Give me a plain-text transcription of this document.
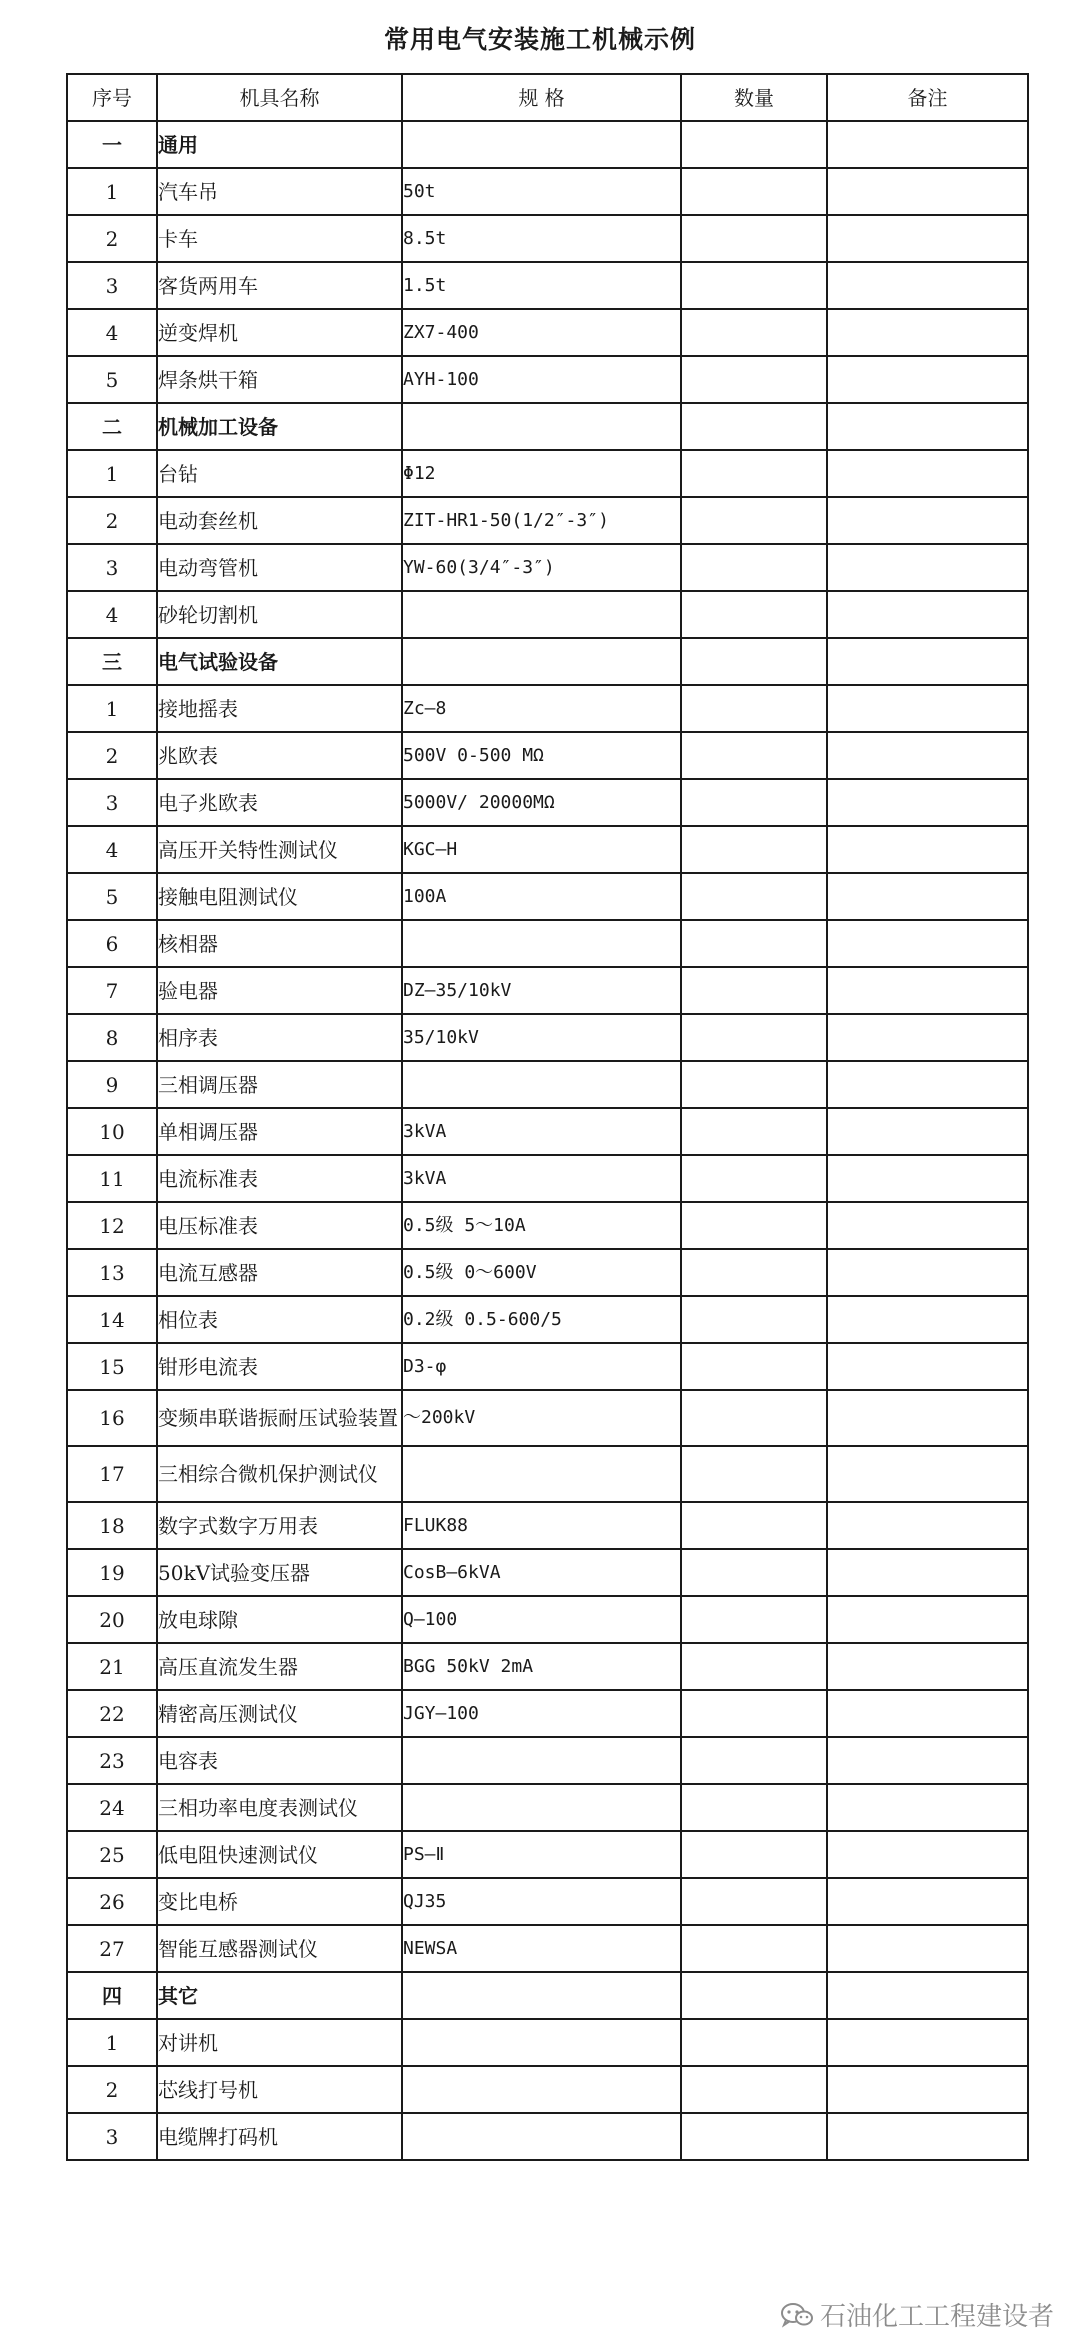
常用电气安装施工机械示例
序号	机具名称	规 格	数量	备注
一	通用			
1	汽车吊	50t		
2	卡车	8.5t		
3	客货两用车	1.5t		
4	逆变焊机	ZX7-400		
5	焊条烘干箱	AYH-100		
二	机械加工设备			
1	台钻	Φ12		
2	电动套丝机	ZIT-HR1-50(1/2″-3″)		
3	电动弯管机	YW-60(3/4″-3″)		
4	砂轮切割机			
三	电气试验设备			
1	接地摇表	Zc—8		
2	兆欧表	500V 0-500 MΩ		
3	电子兆欧表	5000V/ 20000MΩ		
4	高压开关特性测试仪	KGC—H		
5	接触电阻测试仪	100A		
6	核相器			
7	验电器	DZ—35/10kV		
8	相序表	35/10kV		
9	三相调压器			
10	单相调压器	3kVA		
11	电流标准表	3kVA		
12	电压标准表	0.5级 5～10A		
13	电流互感器	0.5级 0～600V		
14	相位表	0.2级 0.5-600/5		
15	钳形电流表	D3-φ		
16	变频串联谐振耐压试验装置	～200kV		
17	三相综合微机保护测试仪			
18	数字式数字万用表	FLUK88		
19	50kV试验变压器	CosB—6kVA		
20	放电球隙	Q—100		
21	高压直流发生器	BGG 50kV 2mA		
22	精密高压测试仪	JGY—100		
23	电容表			
24	三相功率电度表测试仪			
25	低电阻快速测试仪	PS—Ⅱ		
26	变比电桥	QJ35		
27	智能互感器测试仪	NEWSA		
四	其它			
1	对讲机			
2	芯线打号机			
3	电缆牌打码机			
石油化工工程建设者
